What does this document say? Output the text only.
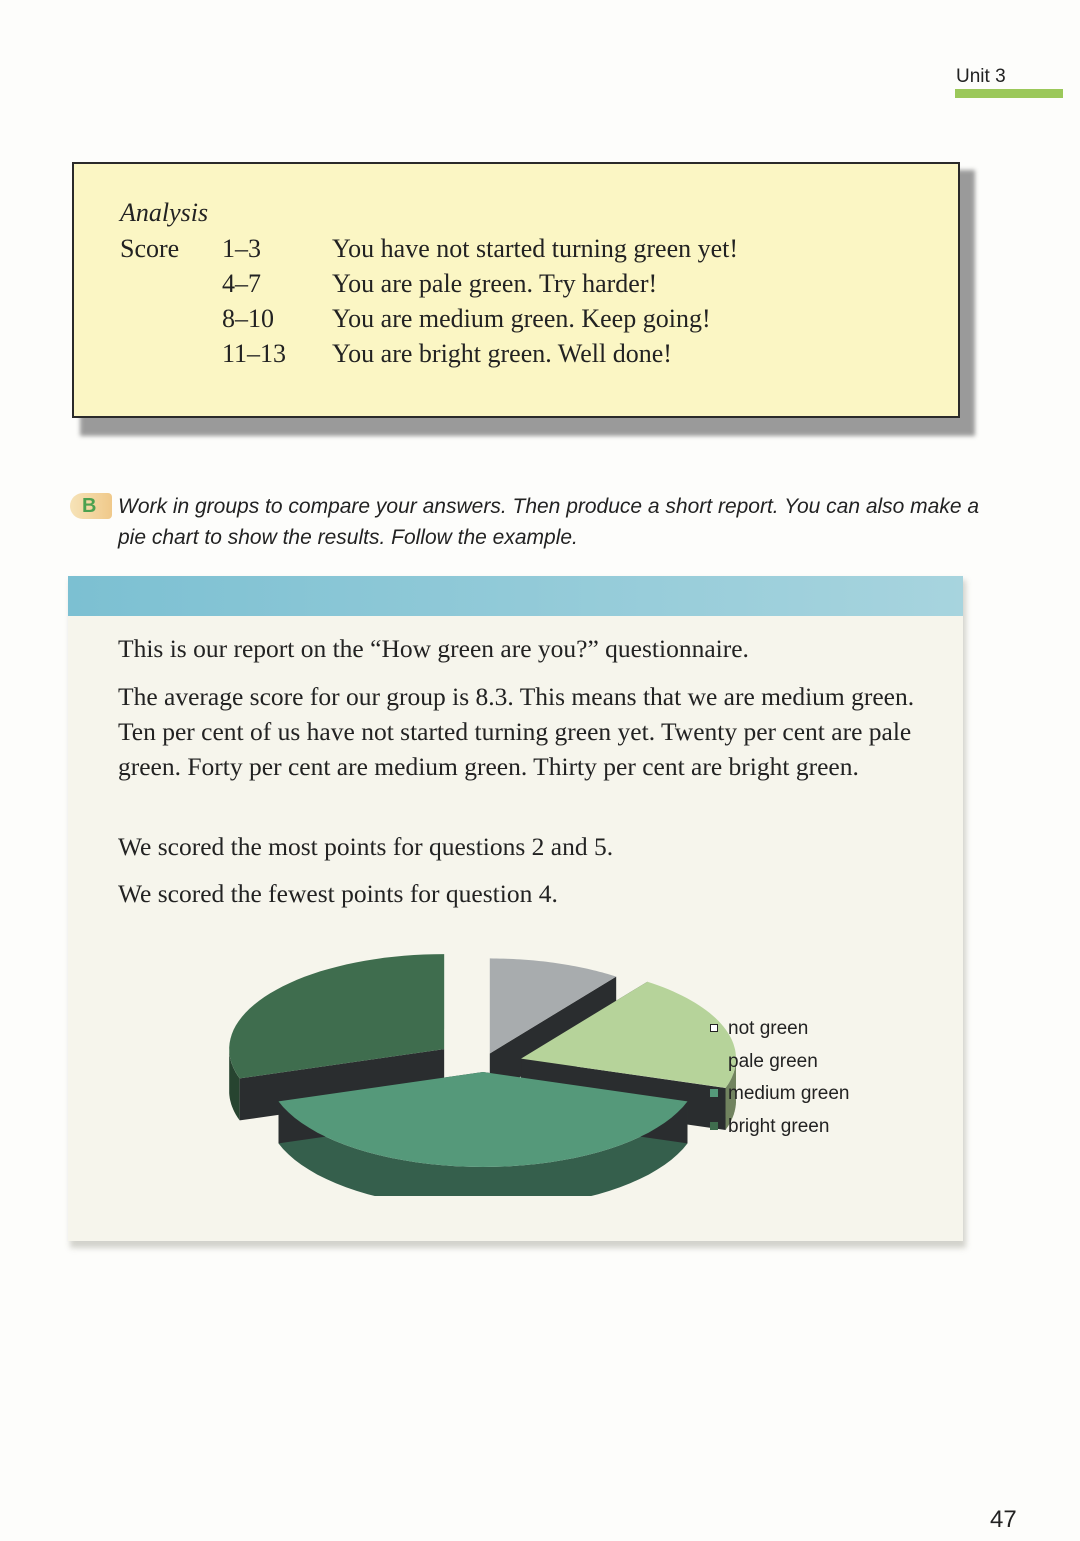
Unit 3
Analysis
Score 1–3	You have not started turning green yet!
4–7	You are pale green. Try harder!
8–10 You are medium green. Keep going!
11–13 You are bright green. Well done!
B Work in groups to compare your answers. Then produce a short report. You can also make a pie chart to show the results. Follow the example.

This is our report on the “How green are you?” questionnaire.

The average score for our group is 8.3. This means that we are medium green. Ten per cent of us have not started turning green yet. Twenty per cent are pale green. Forty per cent are medium green. Thirty per cent are bright green.

We scored the most points for questions 2 and 5.

We scored the fewest points for question 4.

not green
pale green
medium green
bright green
47
